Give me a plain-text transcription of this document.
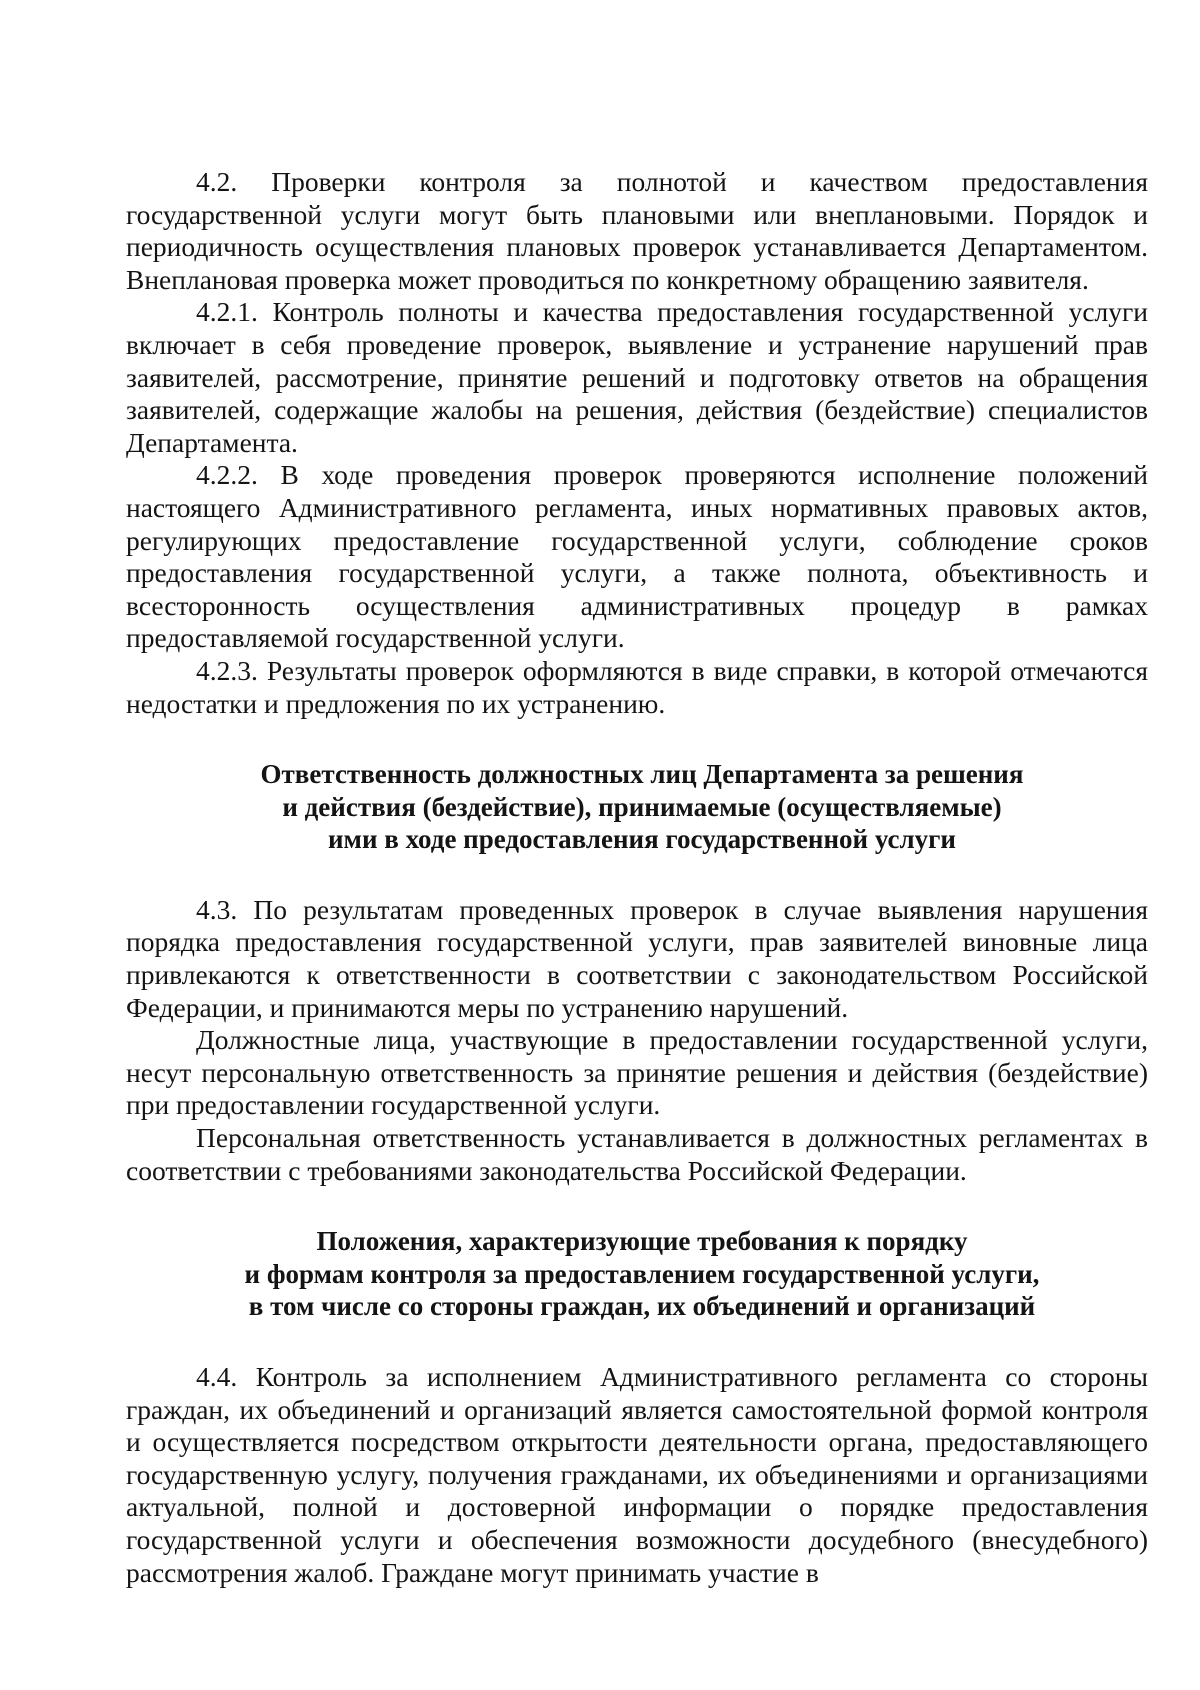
4.2. Проверки контроля за полнотой и качеством предоставления государственной услуги могут быть плановыми или внеплановыми. Порядок и периодичность осуществления плановых проверок устанавливается Департаментом. Внеплановая проверка может проводиться по конкретному обращению заявителя.

4.2.1. Контроль полноты и качества предоставления государственной услуги включает в себя проведение проверок, выявление и устранение нарушений прав заявителей, рассмотрение, принятие решений и подготовку ответов на обращения заявителей, содержащие жалобы на решения, действия (бездействие) специалистов Департамента.

4.2.2. В ходе проведения проверок проверяются исполнение положений настоящего Административного регламента, иных нормативных правовых актов, регулирующих предоставление государственной услуги, соблюдение сроков предоставления государственной услуги, а также полнота, объективность и всесторонность осуществления административных процедур в рамках предоставляемой государственной услуги.

4.2.3. Результаты проверок оформляются в виде справки, в которой отмечаются недостатки и предложения по их устранению.

Ответственность должностных лиц Департамента за решения
и действия (бездействие), принимаемые (осуществляемые)
ими в ходе предоставления государственной услуги

4.3. По результатам проведенных проверок в случае выявления нарушения порядка предоставления государственной услуги, прав заявителей виновные лица привлекаются к ответственности в соответствии с законодательством Российской Федерации, и принимаются меры по устранению нарушений.

Должностные лица, участвующие в предоставлении государственной услуги, несут персональную ответственность за принятие решения и действия (бездействие) при предоставлении государственной услуги.

Персональная ответственность устанавливается в должностных регламентах в соответствии с требованиями законодательства Российской Федерации.

Положения, характеризующие требования к порядку
и формам контроля за предоставлением государственной услуги,
в том числе со стороны граждан, их объединений и организаций

4.4. Контроль за исполнением Административного регламента со стороны граждан, их объединений и организаций является самостоятельной формой контроля и осуществляется посредством открытости деятельности органа, предоставляющего государственную услугу, получения гражданами, их объединениями и организациями актуальной, полной и достоверной информации о порядке предоставления государственной услуги и обеспечения возможности досудебного (внесудебного) рассмотрения жалоб. Граждане могут принимать участие в
